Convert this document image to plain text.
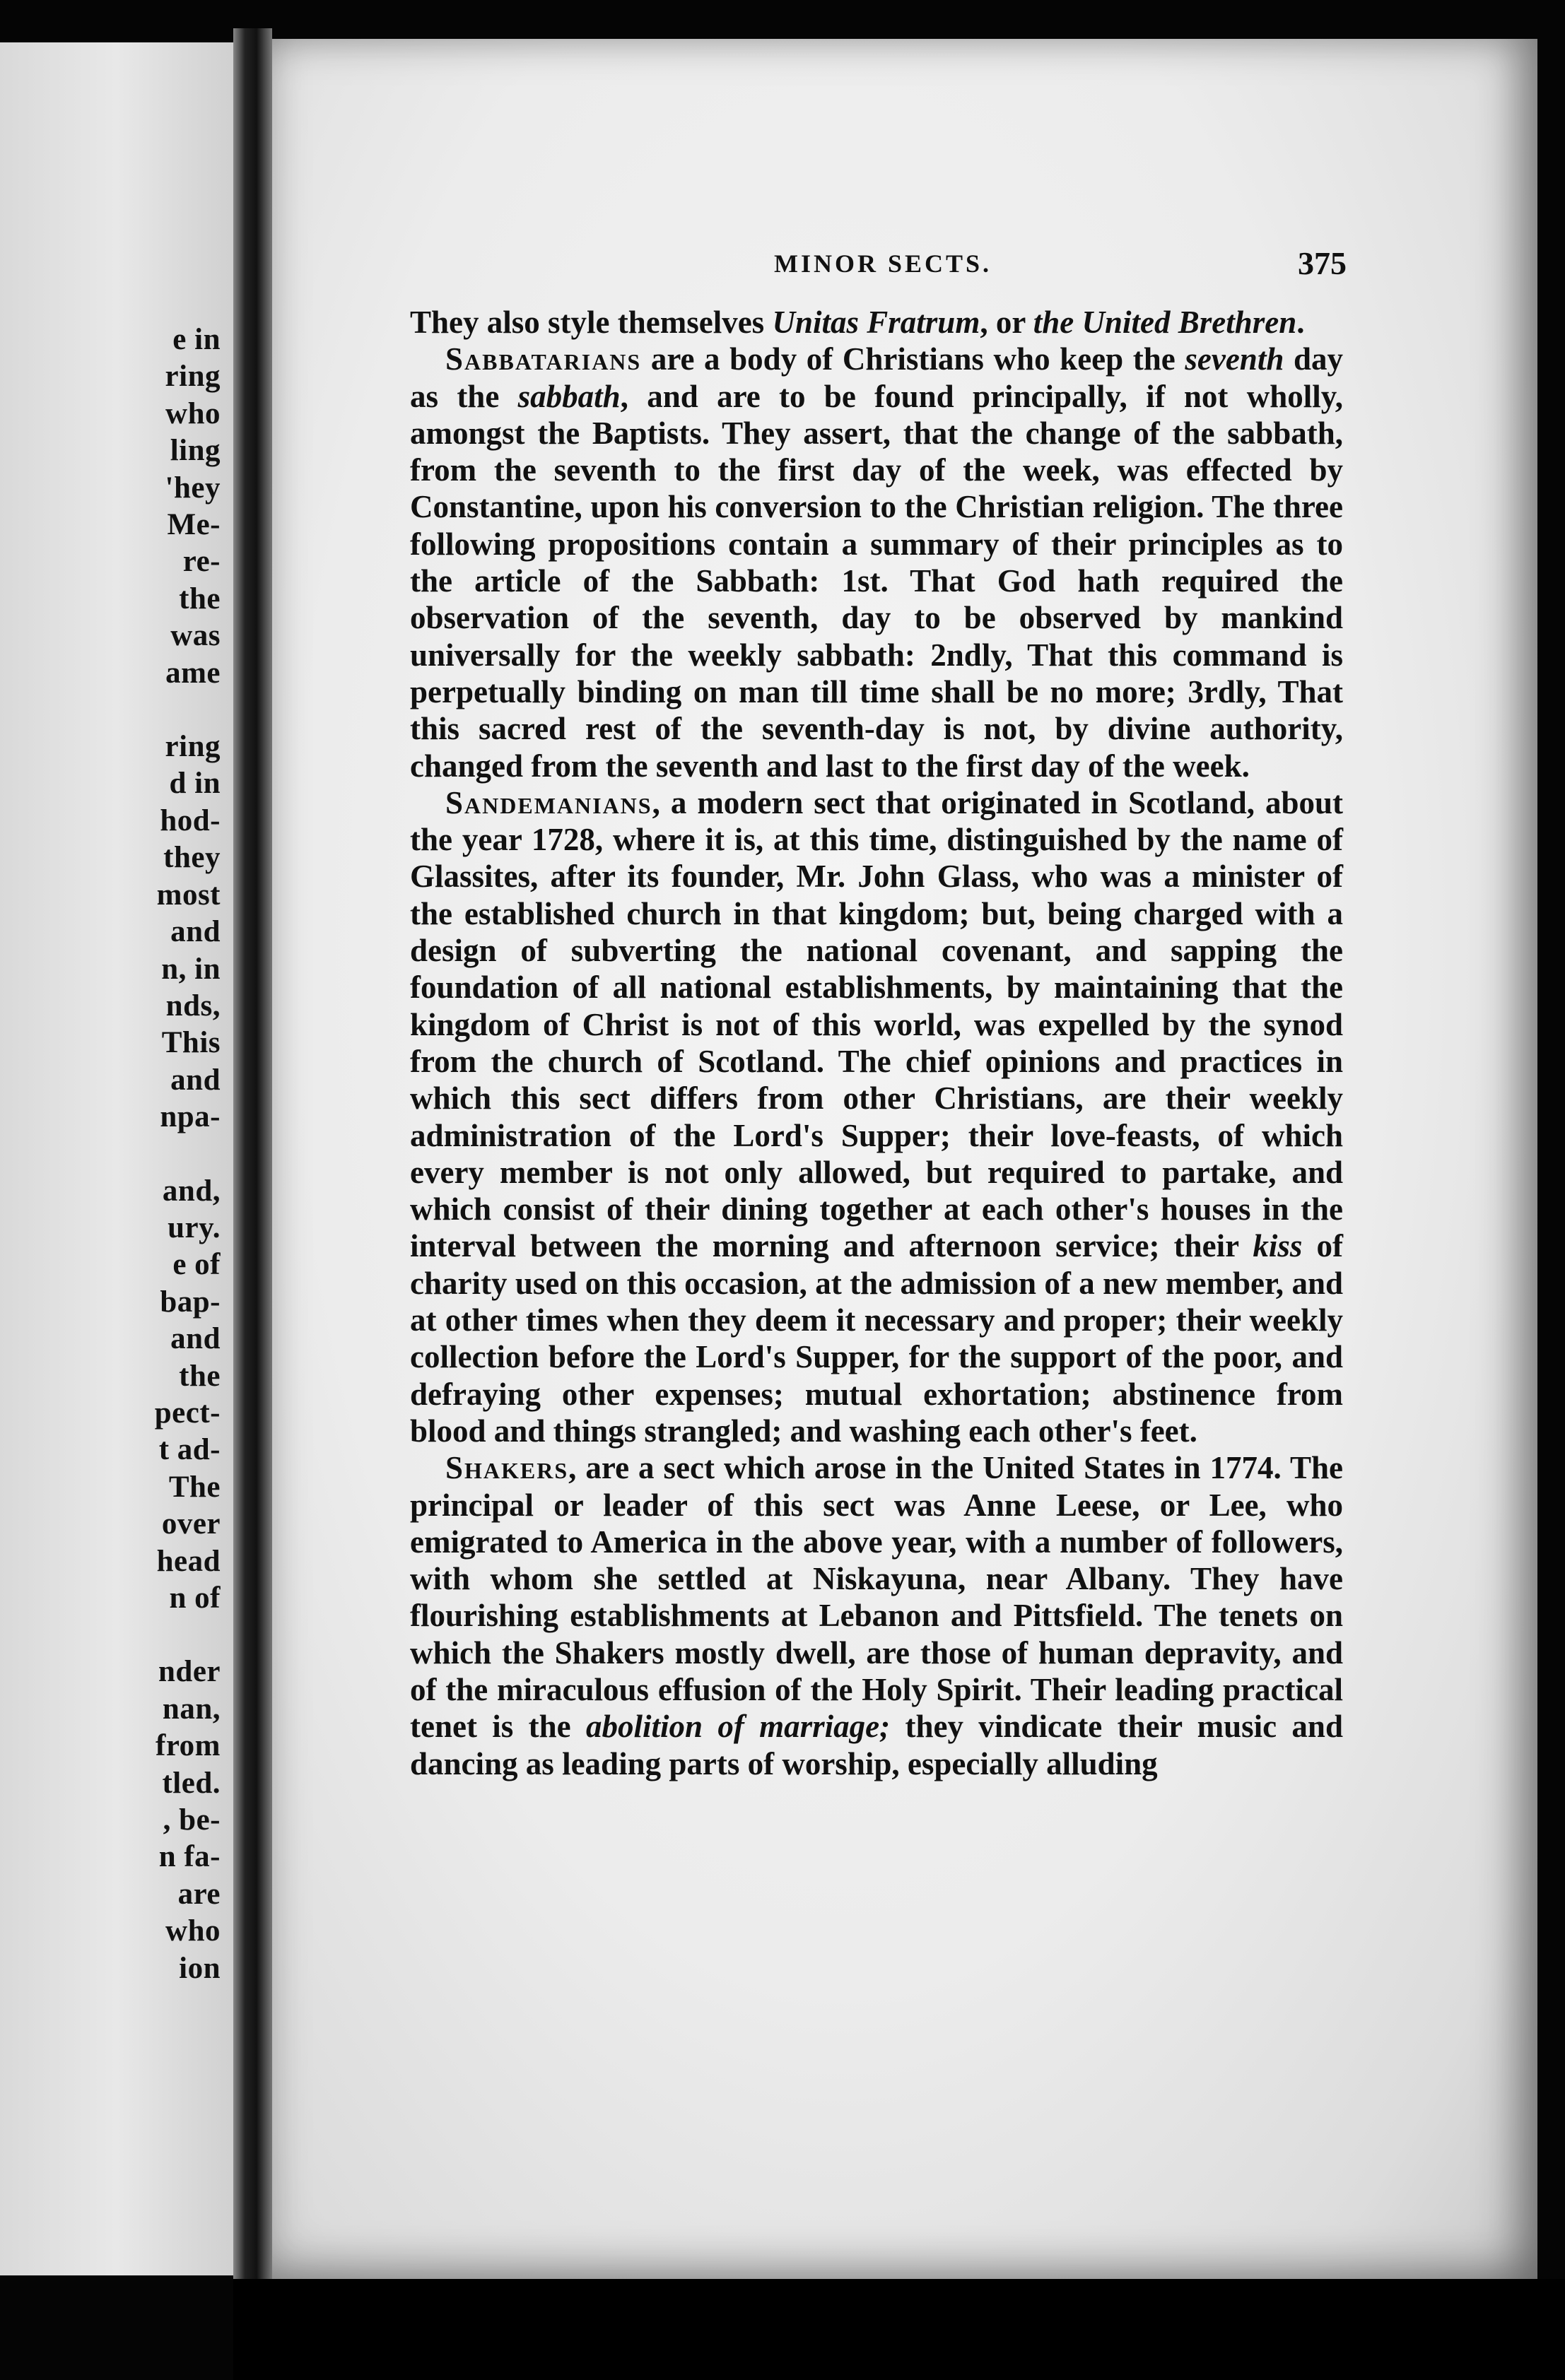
e in
ring
who
ling
'hey
Me-
re-
the
was
ame
ring
d in
hod-
they
most
and
n, in
nds,
This
and
npa-
and,
ury.
e of
bap-
and
the
pect-
t ad-
The
over
head
n of
nder
nan,
from
tled.
, be-
n fa-
are
who
ion
MINOR SECTS.	375

They also style themselves Unitas Fratrum, or the United Brethren.

Sabbatarians are a body of Christians who keep the seventh day as the sabbath, and are to be found principally, if not wholly, amongst the Baptists. They assert, that the change of the sabbath, from the seventh to the first day of the week, was effected by Constantine, upon his conversion to the Christian religion. The three following propositions contain a summary of their principles as to the article of the Sabbath: 1st. That God hath required the observation of the seventh, day to be observed by mankind universally for the weekly sabbath: 2ndly, That this command is perpetually binding on man till time shall be no more; 3rdly, That this sacred rest of the seventh-day is not, by divine authority, changed from the seventh and last to the first day of the week.

Sandemanians, a modern sect that originated in Scotland, about the year 1728, where it is, at this time, distinguished by the name of Glassites, after its founder, Mr. John Glass, who was a minister of the established church in that kingdom; but, being charged with a design of subverting the national covenant, and sapping the foundation of all national establishments, by maintaining that the kingdom of Christ is not of this world, was expelled by the synod from the church of Scotland. The chief opinions and practices in which this sect differs from other Christians, are their weekly administration of the Lord's Supper; their love-feasts, of which every member is not only allowed, but required to partake, and which consist of their dining together at each other's houses in the interval between the morning and afternoon service; their kiss of charity used on this occasion, at the admission of a new member, and at other times when they deem it necessary and proper; their weekly collection before the Lord's Supper, for the support of the poor, and defraying other expenses; mutual exhortation; abstinence from blood and things strangled; and washing each other's feet.

Shakers, are a sect which arose in the United States in 1774. The principal or leader of this sect was Anne Leese, or Lee, who emigrated to America in the above year, with a number of followers, with whom she settled at Niskayuna, near Albany. They have flourishing establishments at Lebanon and Pittsfield. The tenets on which the Shakers mostly dwell, are those of human depravity, and of the miraculous effusion of the Holy Spirit. Their leading practical tenet is the abolition of marriage; they vindicate their music and dancing as leading parts of worship, especially alluding
